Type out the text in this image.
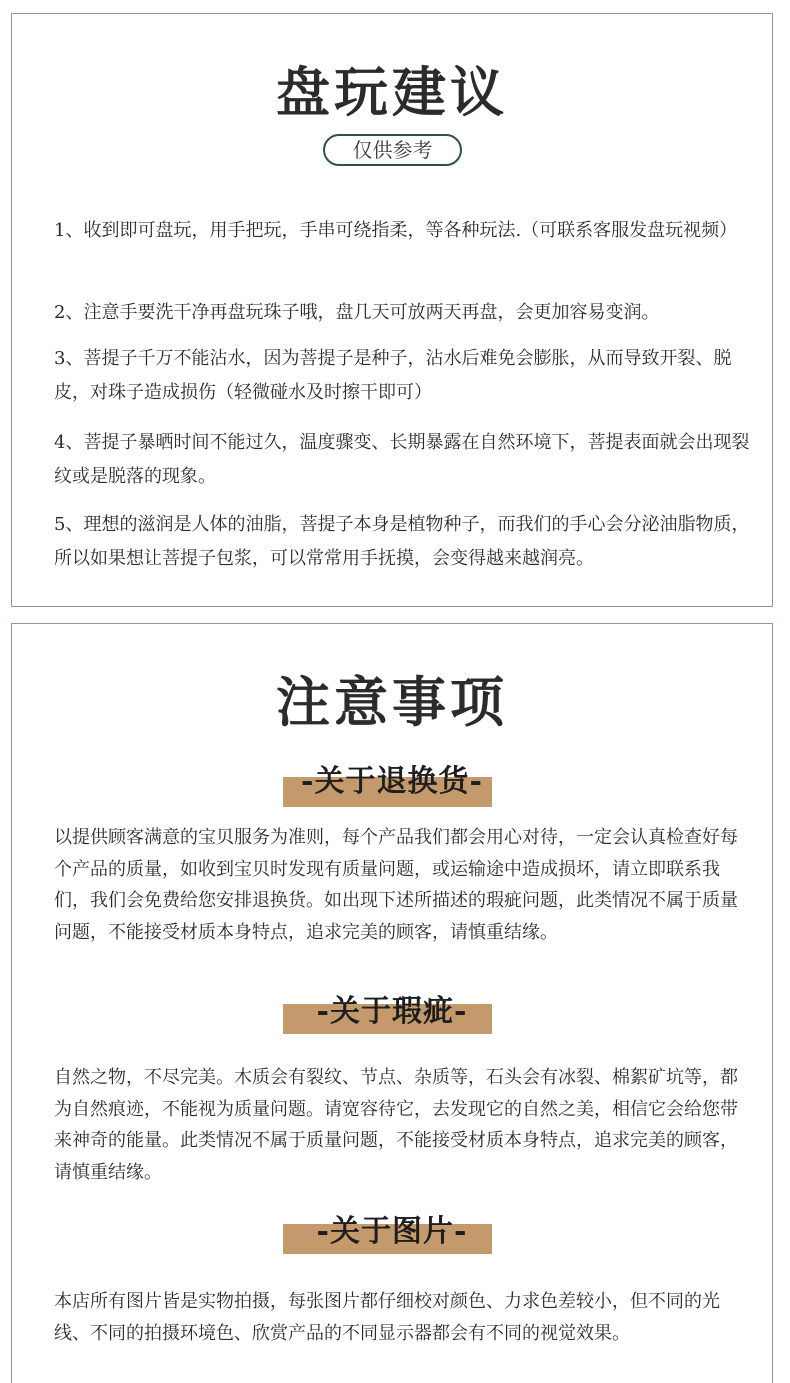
盘玩建议
仅供参考
1、收到即可盘玩，用手把玩，手串可绕指柔，等各种玩法.（可联系客服发盘玩视频）
2、注意手要洗干净再盘玩珠子哦，盘几天可放两天再盘，会更加容易变润。
3、菩提子千万不能沾水，因为菩提子是种子，沾水后难免会膨胀，从而导致开裂、脱皮，对珠子造成损伤（轻微碰水及时擦干即可）
4、菩提子暴晒时间不能过久，温度骤变、长期暴露在自然环境下，菩提表面就会出现裂纹或是脱落的现象。
5、理想的滋润是人体的油脂，菩提子本身是植物种子，而我们的手心会分泌油脂物质，所以如果想让菩提子包浆，可以常常用手抚摸，会变得越来越润亮。
注意事项
-关于退换货-
以提供顾客满意的宝贝服务为准则，每个产品我们都会用心对待，一定会认真检查好每个产品的质量，如收到宝贝时发现有质量问题，或运输途中造成损坏，请立即联系我们，我们会免费给您安排退换货。如出现下述所描述的瑕疵问题，此类情况不属于质量问题，不能接受材质本身特点，追求完美的顾客，请慎重结缘。
-关于瑕疵-
自然之物，不尽完美。木质会有裂纹、节点、杂质等，石头会有冰裂、棉絮矿坑等，都为自然痕迹，不能视为质量问题。请宽容待它，去发现它的自然之美，相信它会给您带来神奇的能量。此类情况不属于质量问题，不能接受材质本身特点，追求完美的顾客，请慎重结缘。
-关于图片-
本店所有图片皆是实物拍摄，每张图片都仔细校对颜色、力求色差较小，但不同的光线、不同的拍摄环境色、欣赏产品的不同显示器都会有不同的视觉效果。
